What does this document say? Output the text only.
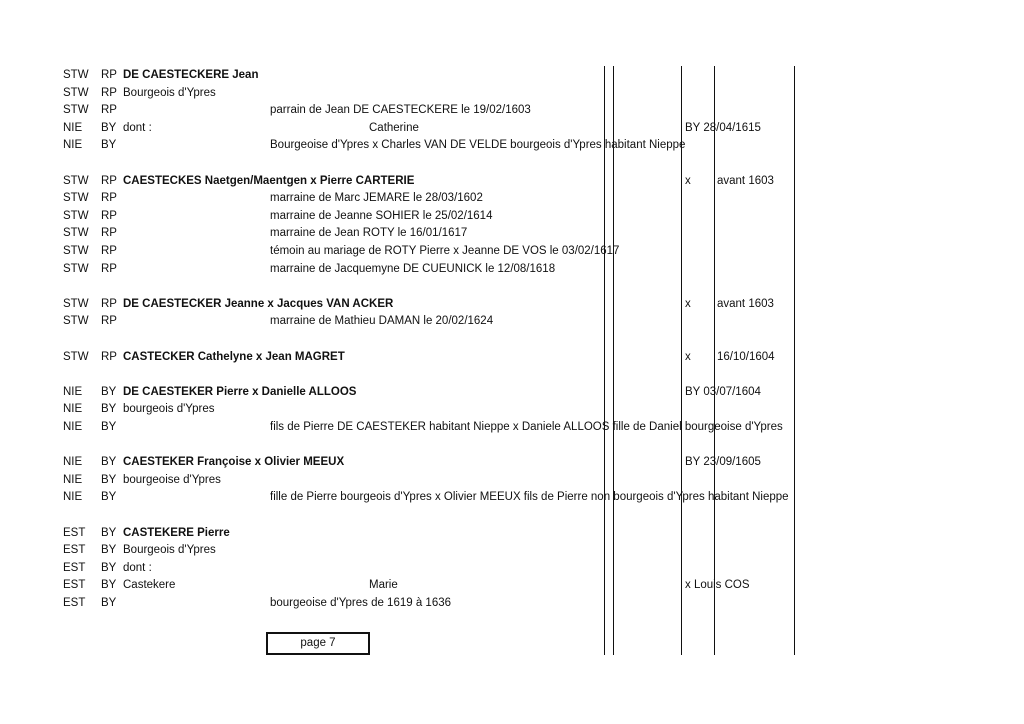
STW RP DE CAESTECKERE Jean
STW RP Bourgeois d'Ypres
STW RP	parrain de Jean DE CAESTECKERE le 19/02/1603
NIE BY dont :	Catherine	BY 28/04/1615
NIE BY	Bourgeoise d'Ypres x Charles VAN DE VELDE bourgeois d'Ypres habitant Nieppe
STW RP CAESTECKES Naetgen/Maentgen x Pierre CARTERIE	x avant 1603
STW RP	marraine de Marc JEMARE le 28/03/1602
STW RP	marraine de Jeanne SOHIER le 25/02/1614
STW RP	marraine de Jean ROTY le 16/01/1617
STW RP	témoin au mariage de ROTY Pierre x Jeanne DE VOS le 03/02/1617
STW RP	marraine de Jacquemyne DE CUEUNICK le 12/08/1618
STW RP DE CAESTECKER Jeanne x Jacques VAN ACKER	x avant 1603
STW RP	marraine de Mathieu DAMAN le 20/02/1624
STW RP CASTECKER Cathelyne x Jean MAGRET	x 16/10/1604
NIE BY DE CAESTEKER Pierre x Danielle ALLOOS	BY 03/07/1604
NIE BY bourgeois d'Ypres
NIE BY	fils de Pierre DE CAESTEKER habitant Nieppe x Daniele ALLOOS fille de Daniel bourgeoise d'Ypres
NIE BY CAESTEKER Françoise x Olivier MEEUX	BY 23/09/1605
NIE BY bourgeoise d'Ypres
NIE BY	fille de Pierre bourgeois d'Ypres x Olivier MEEUX fils de Pierre non bourgeois d'Ypres habitant Nieppe
EST BY CASTEKERE Pierre
EST BY Bourgeois d'Ypres
EST BY dont :
EST BY Castekere	Marie	x Louis COS
EST BY	bourgeoise d'Ypres de 1619 à 1636
page 7
